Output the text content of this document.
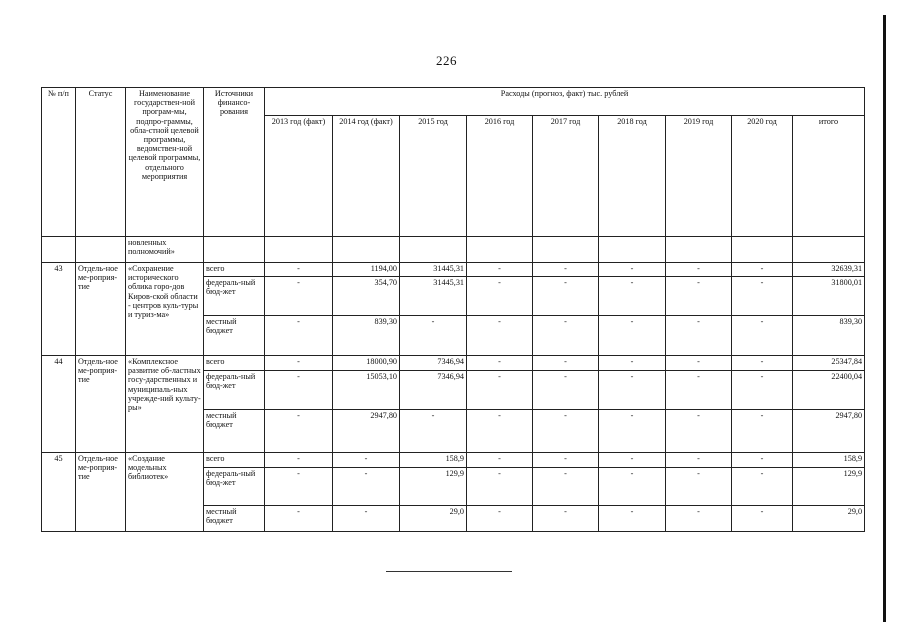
226
№ п/п	Статус	Наименование государствен-ной програм-мы, подпро-граммы, обла-стной целевой программы, ведомствен-ной целевой программы, отдельного мероприятия	Источники финансо-рования	Расходы (прогноз, факт) тыс. рублей								
				2013 год (факт)	2014 год (факт)	2015 год	2016 год	2017 год	2018 год	2019 год	2020 год	итого
		новленных полномочий»										
43	Отдель-ное ме-роприя-тие	«Сохранение исторического облика горо-дов Киров-ской области - центров куль-туры и туриз-ма»	всего	-	1194,00	31445,31	-	-	-	-	-	32639,31
			федераль-ный бюд-жет	-	354,70	31445,31	-	-	-	-	-	31800,01
			местный бюджет	-	839,30	-	-	-	-	-	-	839,30
44	Отдель-ное ме-роприя-тие	«Комплексное развитие об-ластных госу-дарственных и муниципаль-ных учрежде-ний культу-ры»	всего	-	18000,90	7346,94	-	-	-	-	-	25347,84
			федераль-ный бюд-жет	-	15053,10	7346,94	-	-	-	-	-	22400,04
			местный бюджет	-	2947,80	-	-	-	-	-	-	2947,80
45	Отдель-ное ме-роприя-тие	«Создание модельных библиотек»	всего	-	-	158,9	-	-	-	-	-	158,9
			федераль-ный бюд-жет	-	-	129,9	-	-	-	-	-	129,9
			местный бюджет	-	-	29,0	-	-	-	-	-	29,0
